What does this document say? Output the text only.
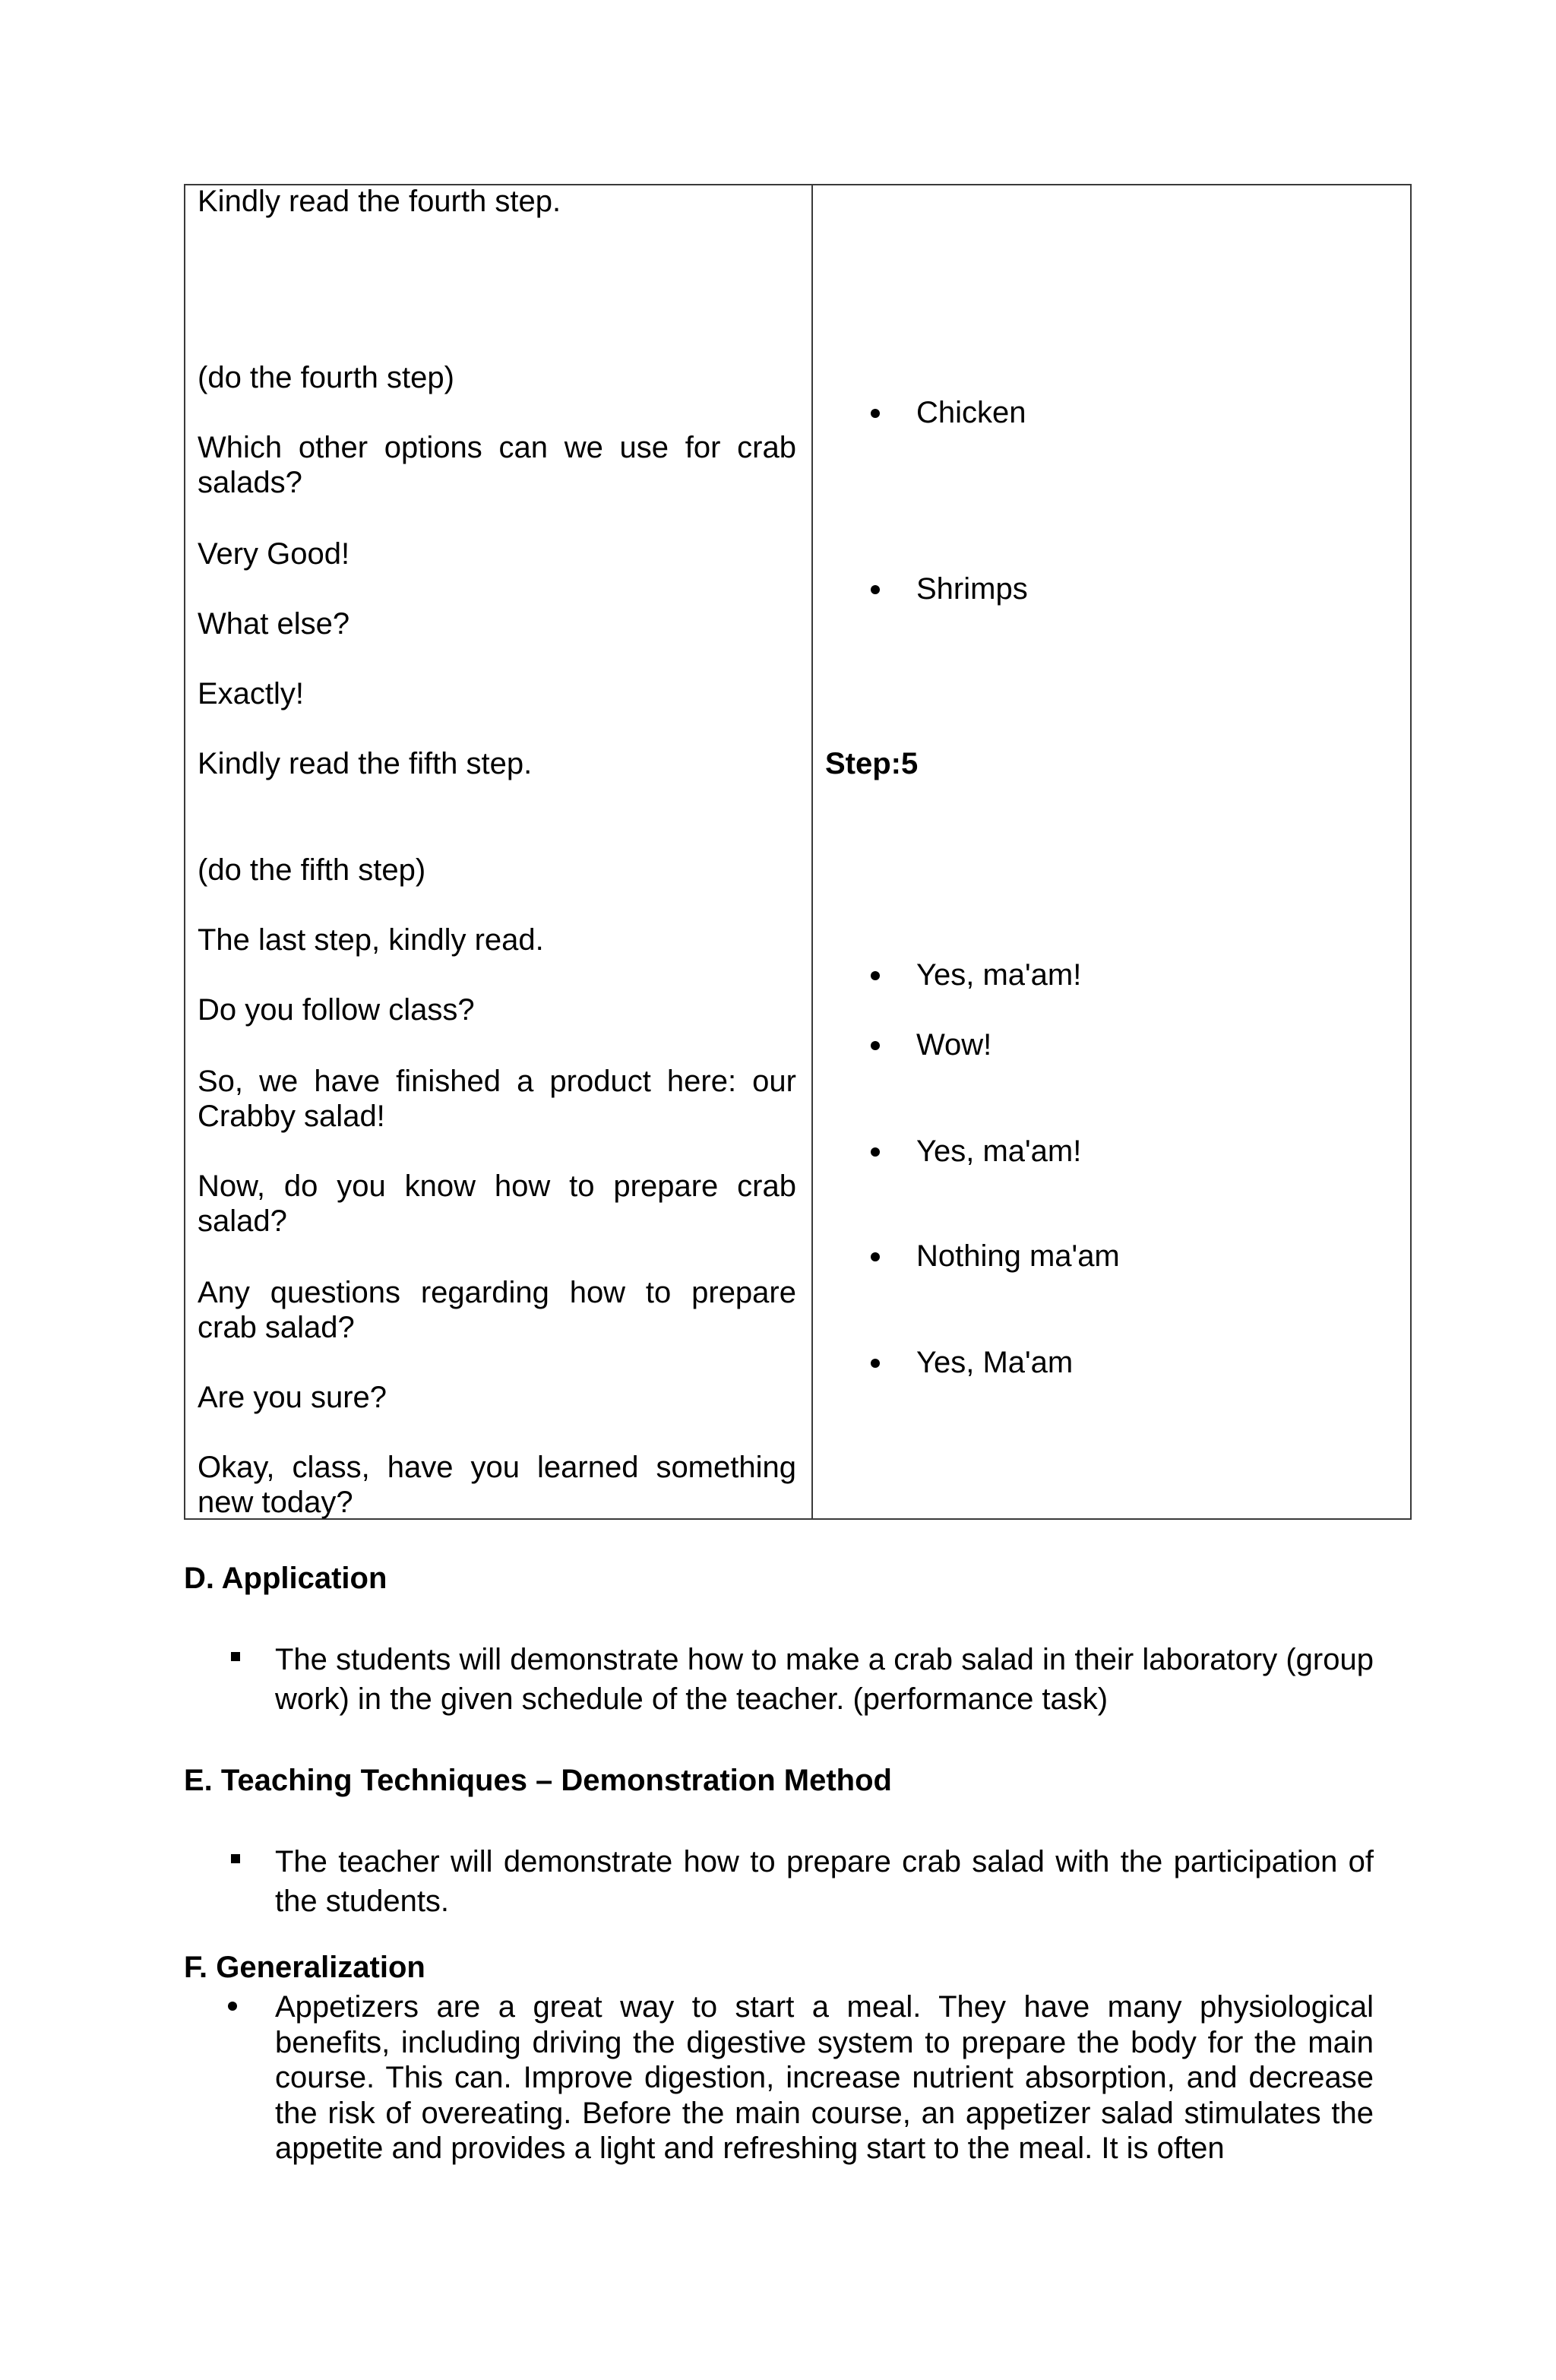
Kindly read the fourth step.
(do the fourth step)
Which other options can we use for crab salads?
Very Good!
What else?
Exactly!
Kindly read the fifth step.
(do the fifth step)
The last step, kindly read.
Do you follow class?
So, we have finished a product here: our Crabby salad!
Now, do you know how to prepare crab salad?
Any questions regarding how to prepare crab salad?
Are you sure?
Okay, class, have you learned something new today?
Chicken
Shrimps
Step:5
Yes, ma'am!
Wow!
Yes, ma'am!
Nothing ma'am
Yes, Ma'am
D. Application
The students will demonstrate how to make a crab salad in their laboratory (group work) in the given schedule of the teacher. (performance task)
E. Teaching Techniques – Demonstration Method
The teacher will demonstrate how to prepare crab salad with the participation of the students.
F. Generalization
Appetizers are a great way to start a meal. They have many physiological benefits, including driving the digestive system to prepare the body for the main course. This can. Improve digestion, increase nutrient absorption, and decrease the risk of overeating. Before the main course, an appetizer salad stimulates the appetite and provides a light and refreshing start to the meal. It is often
